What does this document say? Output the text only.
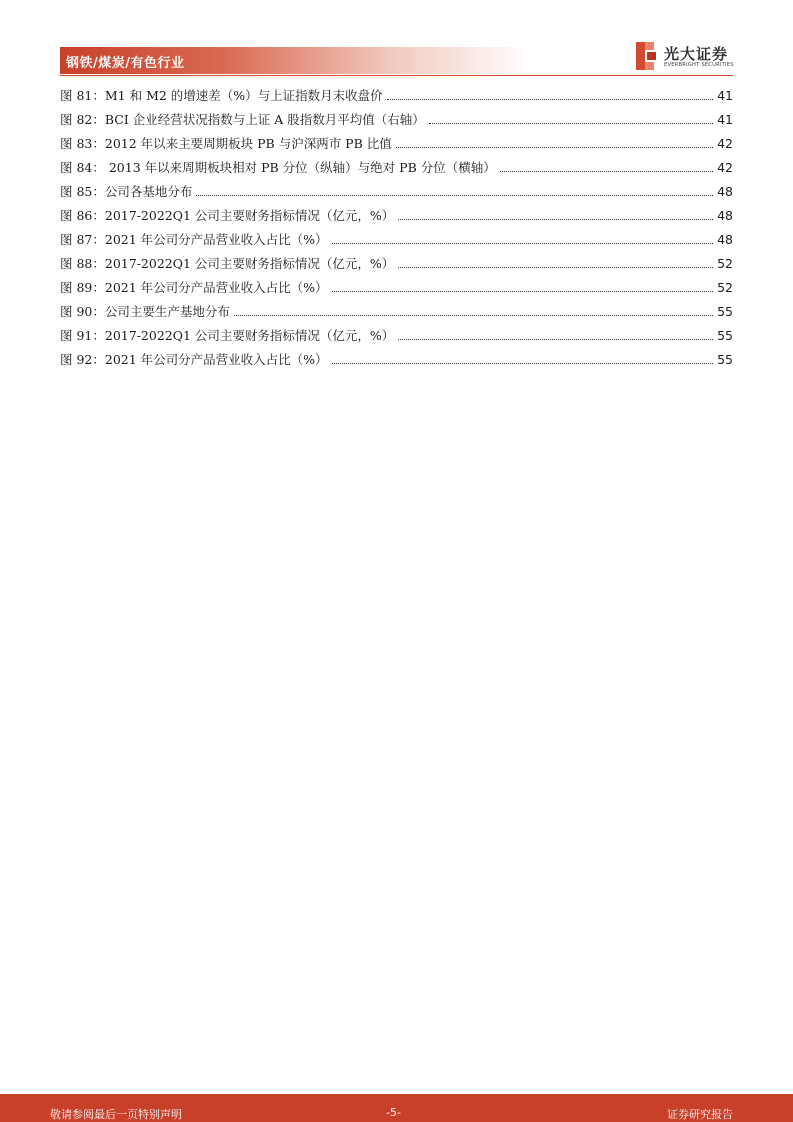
钢铁/煤炭/有色行业
光大证券
EVERBRIGHT SECURITIES
图 81：M1 和 M2 的增速差（%）与上证指数月末收盘价	41
图 82：BCI 企业经营状况指数与上证 A 股指数月平均值（右轴）	41
图 83：2012 年以来主要周期板块 PB 与沪深两市 PB 比值	42
图 84： 2013 年以来周期板块相对 PB 分位（纵轴）与绝对 PB 分位（横轴）	42
图 85：公司各基地分布	48
图 86：2017-2022Q1 公司主要财务指标情况（亿元，%）	48
图 87：2021 年公司分产品营业收入占比（%）	48
图 88：2017-2022Q1 公司主要财务指标情况（亿元，%）	52
图 89：2021 年公司分产品营业收入占比（%）	52
图 90：公司主要生产基地分布	55
图 91：2017-2022Q1 公司主要财务指标情况（亿元，%）	55
图 92：2021 年公司分产品营业收入占比（%）	55
敬请参阅最后一页特别声明	-5-	证券研究报告
